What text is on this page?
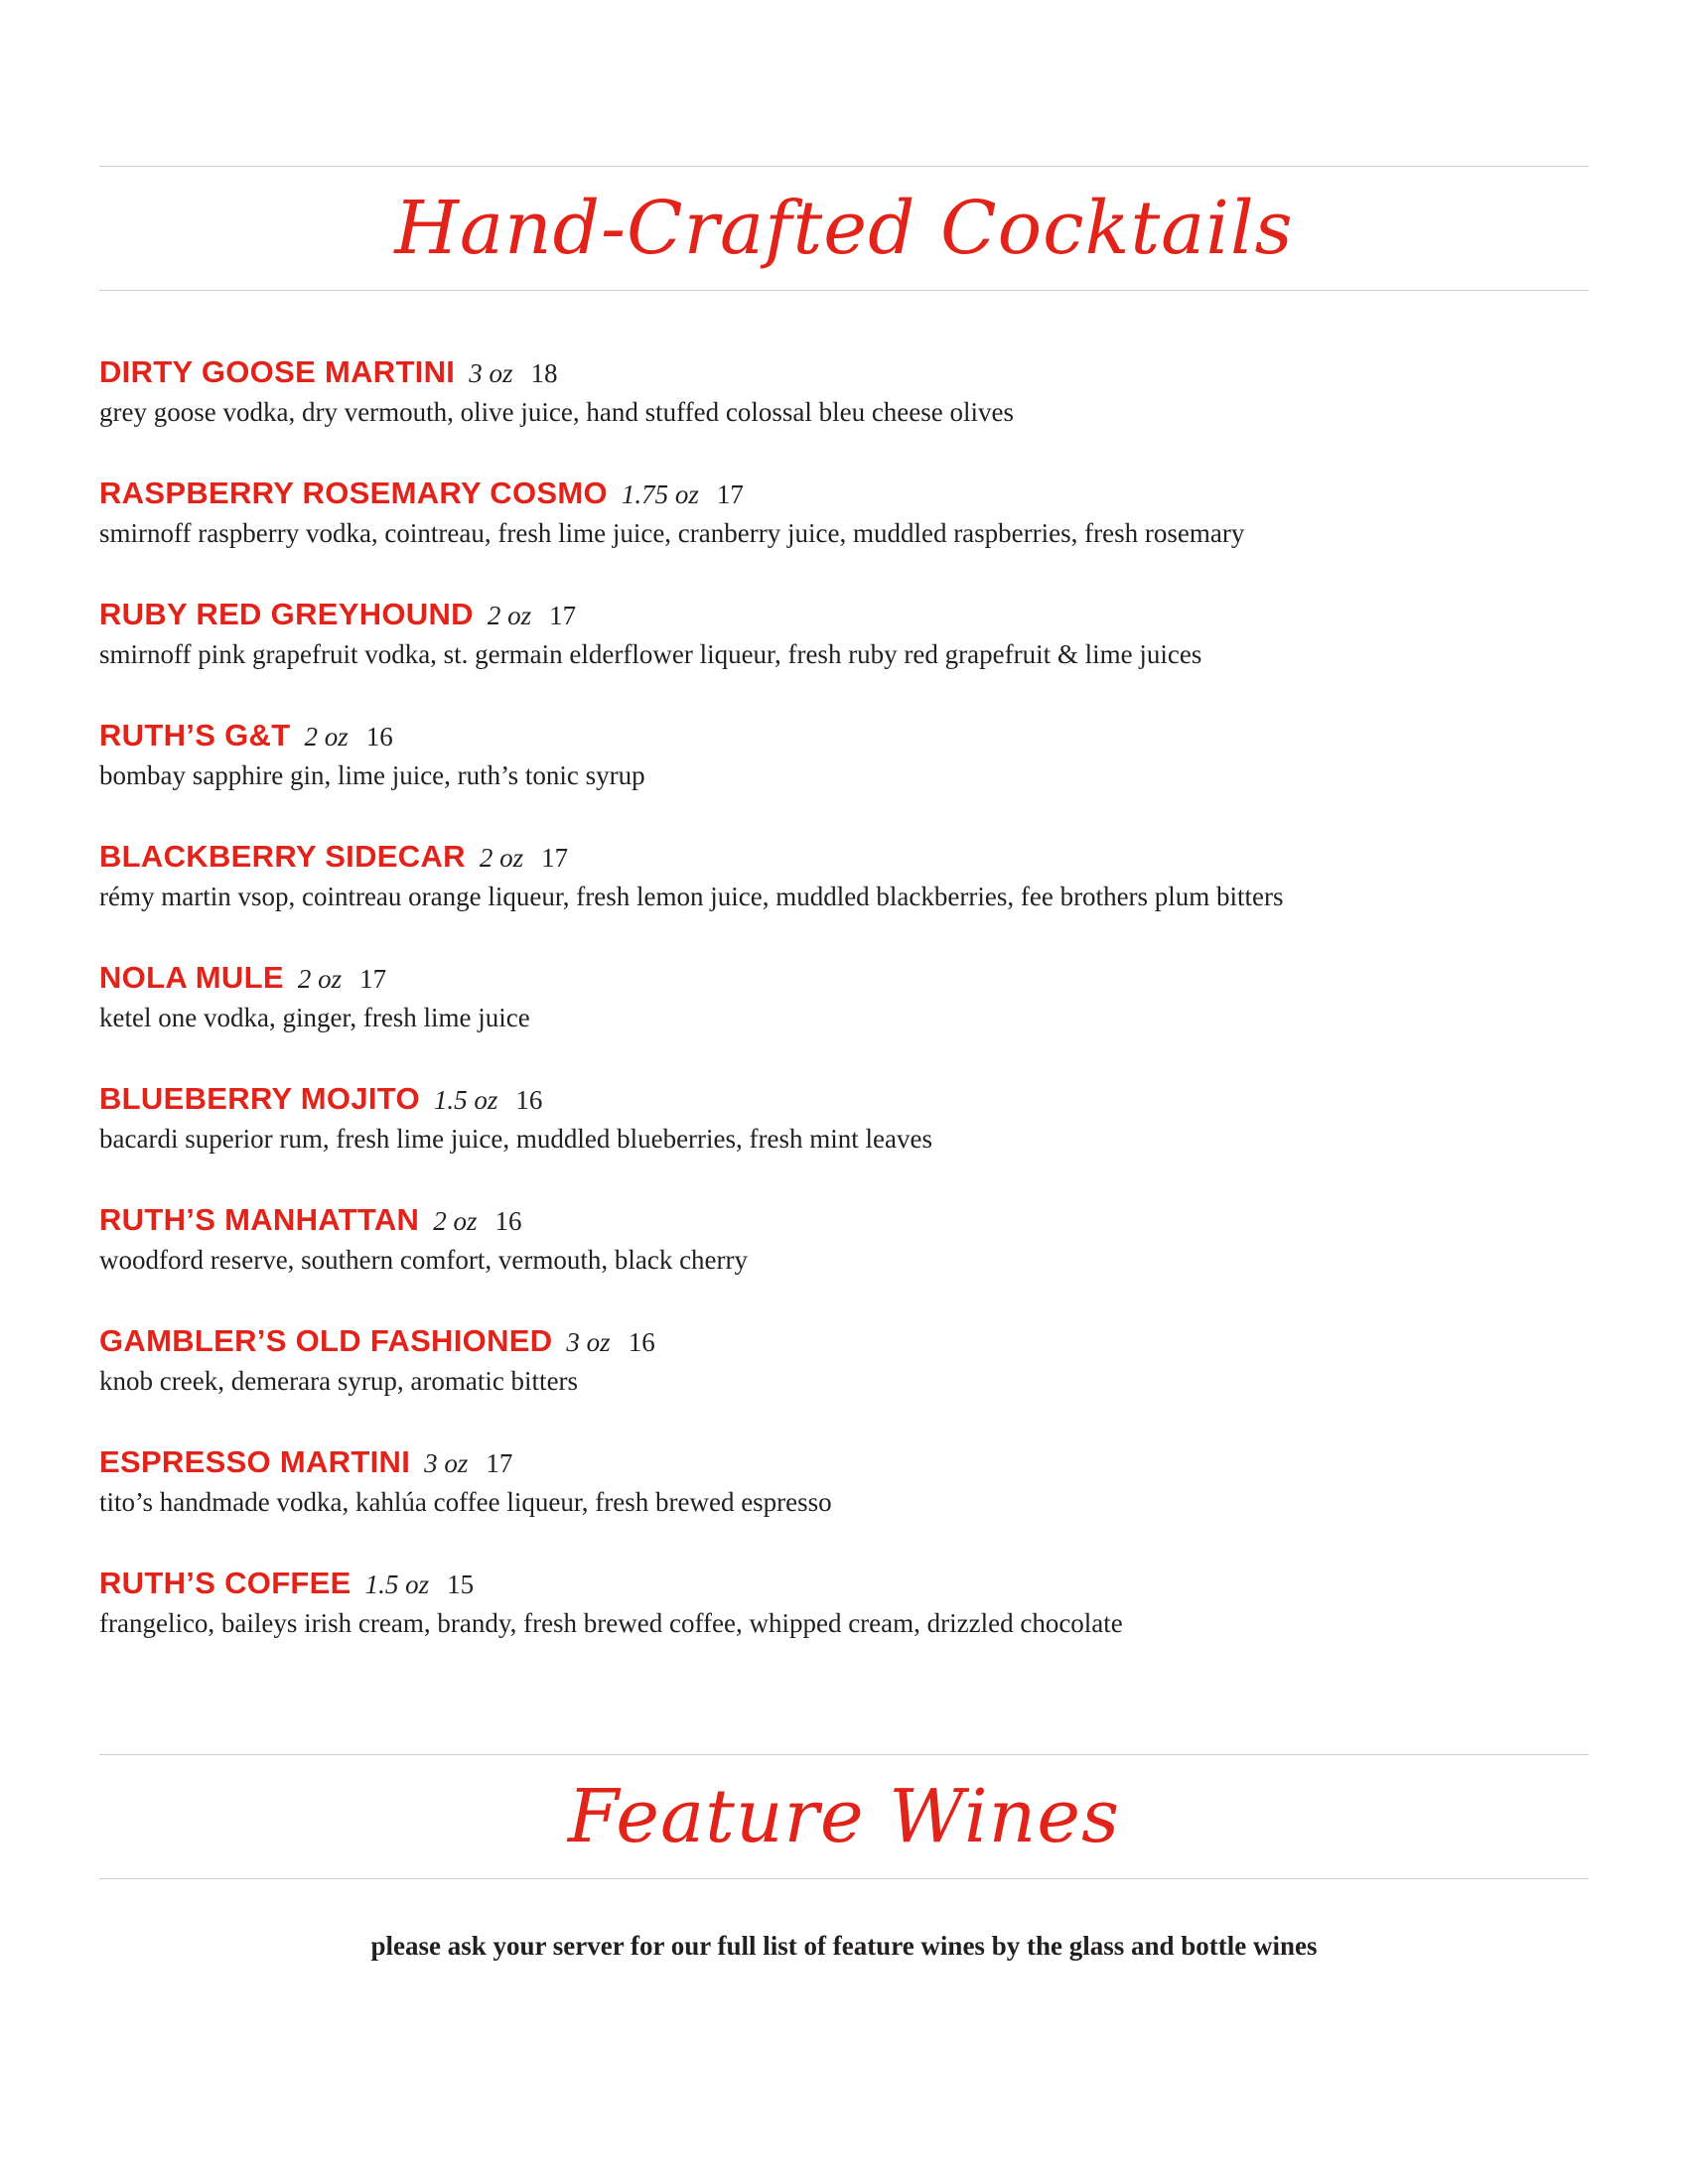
Hand-Crafted Cocktails
DIRTY GOOSE MARTINI 3 oz 18
grey goose vodka, dry vermouth, olive juice, hand stuffed colossal bleu cheese olives
RASPBERRY ROSEMARY COSMO 1.75 oz 17
smirnoff raspberry vodka, cointreau, fresh lime juice, cranberry juice, muddled raspberries, fresh rosemary
RUBY RED GREYHOUND 2 oz 17
smirnoff pink grapefruit vodka, st. germain elderflower liqueur, fresh ruby red grapefruit & lime juices
RUTH’S G&T 2 oz 16
bombay sapphire gin, lime juice, ruth’s tonic syrup
BLACKBERRY SIDECAR 2 oz 17
rémy martin vsop, cointreau orange liqueur, fresh lemon juice, muddled blackberries, fee brothers plum bitters
NOLA MULE 2 oz 17
ketel one vodka, ginger, fresh lime juice
BLUEBERRY MOJITO 1.5 oz 16
bacardi superior rum, fresh lime juice, muddled blueberries, fresh mint leaves
RUTH’S MANHATTAN 2 oz 16
woodford reserve, southern comfort, vermouth, black cherry
GAMBLER’S OLD FASHIONED 3 oz 16
knob creek, demerara syrup, aromatic bitters
ESPRESSO MARTINI 3 oz 17
tito’s handmade vodka, kahlúa coffee liqueur, fresh brewed espresso
RUTH’S COFFEE 1.5 oz 15
frangelico, baileys irish cream, brandy, fresh brewed coffee, whipped cream, drizzled chocolate
Feature Wines

please ask your server for our full list of feature wines by the glass and bottle wines
